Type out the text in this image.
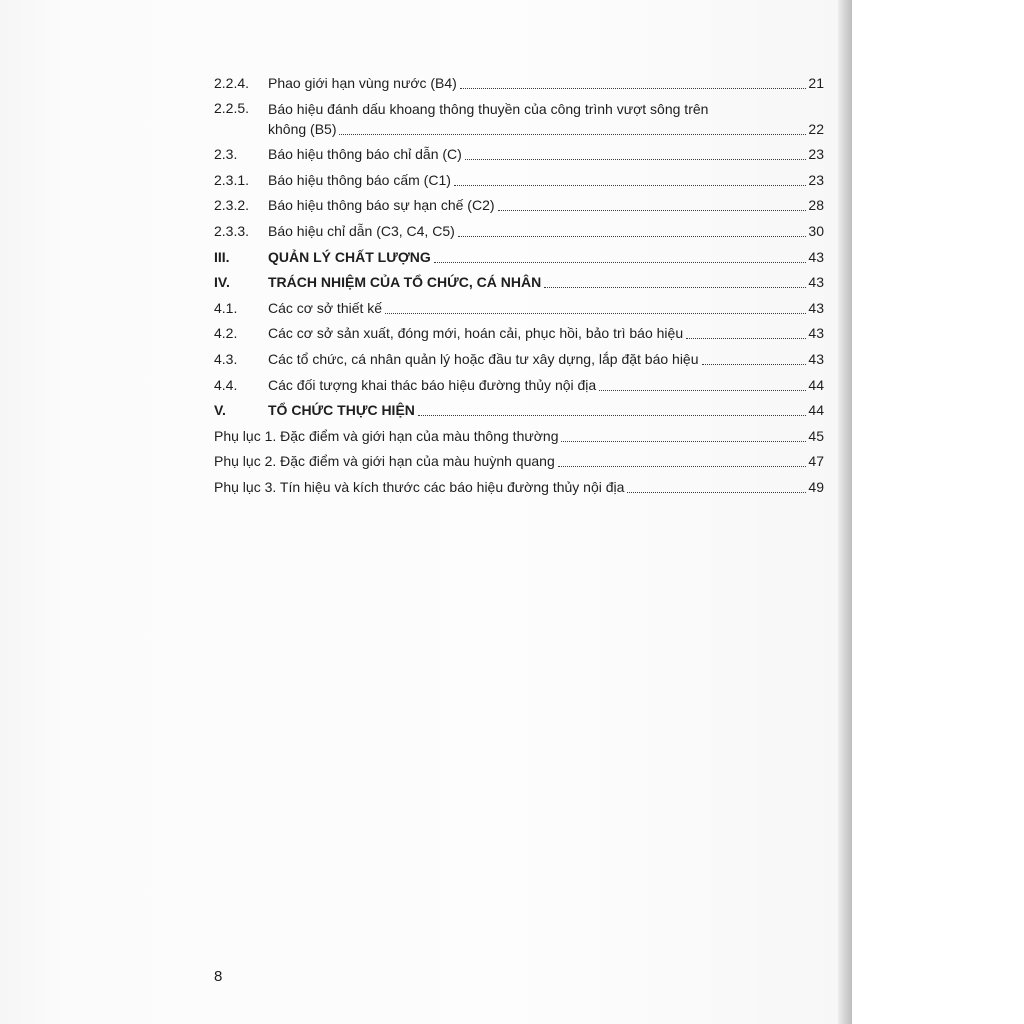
2.2.4.	Phao giới hạn vùng nước (B4)	21
2.2.5.	Báo hiệu đánh dấu khoang thông thuyền của công trình vượt sông trên
không (B5)	22
2.3.	Báo hiệu thông báo chỉ dẫn (C)	23
2.3.1.	Báo hiệu thông báo cấm (C1)	23
2.3.2.	Báo hiệu thông báo sự hạn chế (C2)	28
2.3.3.	Báo hiệu chỉ dẫn (C3, C4, C5)	30
III.	QUẢN LÝ CHẤT LƯỢNG	43
IV.	TRÁCH NHIỆM CỦA TỔ CHỨC, CÁ NHÂN	43
4.1.	Các cơ sở thiết kế	43
4.2.	Các cơ sở sản xuất, đóng mới, hoán cải, phục hồi, bảo trì báo hiệu	43
4.3.	Các tổ chức, cá nhân quản lý hoặc đầu tư xây dựng, lắp đặt báo hiệu	43
4.4.	Các đối tượng khai thác báo hiệu đường thủy nội địa	44
V.	TỔ CHỨC THỰC HIỆN	44
Phụ lục 1. Đặc điểm và giới hạn của màu thông thường	45
Phụ lục 2. Đặc điểm và giới hạn của màu huỳnh quang	47
Phụ lục 3. Tín hiệu và kích thước các báo hiệu đường thủy nội địa	49
8
